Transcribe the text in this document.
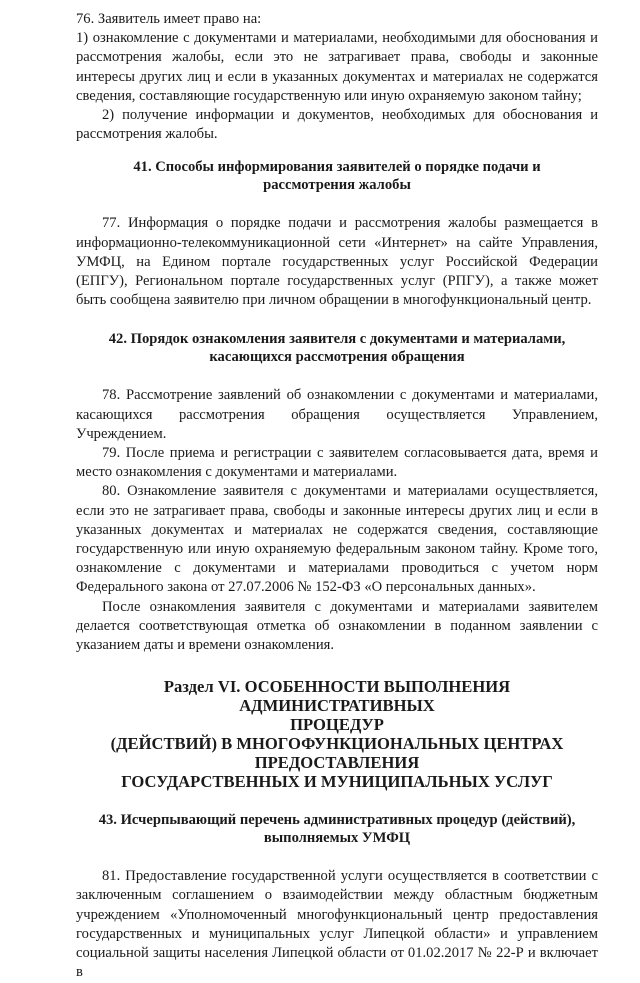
76. Заявитель имеет право на:

1) ознакомление с документами и материалами, необходимыми для обоснования и рассмотрения жалобы, если это не затрагивает права, свободы и законные интересы других лиц и если в указанных документах и материалах не содержатся сведения, составляющие государственную или иную охраняемую законом тайну;

2) получение информации и документов, необходимых для обоснования и рассмотрения жалобы.

41. Способы информирования заявителей о порядке подачи и рассмотрения жалобы

77. Информация о порядке подачи и рассмотрения жалобы размещается в информационно-телекоммуникационной сети «Интернет» на сайте Управления, УМФЦ, на Едином портале государственных услуг Российской Федерации (ЕПГУ), Региональном портале государственных услуг (РПГУ), а также может быть сообщена заявителю при личном обращении в многофункциональный центр.

42. Порядок ознакомления заявителя с документами и материалами, касающихся рассмотрения обращения

78. Рассмотрение заявлений об ознакомлении с документами и материалами, касающихся рассмотрения обращения осуществляется Управлением, Учреждением.

79. После приема и регистрации с заявителем согласовывается дата, время и место ознакомления с документами и материалами.

80. Ознакомление заявителя с документами и материалами осуществляется, если это не затрагивает права, свободы и законные интересы других лиц и если в указанных документах и материалах не содержатся сведения, составляющие государственную или иную охраняемую федеральным законом тайну. Кроме того, ознакомление с документами и материалами проводиться с учетом норм Федерального закона от 27.07.2006 № 152-ФЗ «О персональных данных».

После ознакомления заявителя с документами и материалами заявителем делается соответствующая отметка об ознакомлении в поданном заявлении с указанием даты и времени ознакомления.

Раздел VI. ОСОБЕННОСТИ ВЫПОЛНЕНИЯ АДМИНИСТРАТИВНЫХ

ПРОЦЕДУР

(ДЕЙСТВИЙ) В МНОГОФУНКЦИОНАЛЬНЫХ ЦЕНТРАХ

ПРЕДОСТАВЛЕНИЯ

ГОСУДАРСТВЕННЫХ И МУНИЦИПАЛЬНЫХ УСЛУГ

43. Исчерпывающий перечень административных процедур (действий), выполняемых УМФЦ

81. Предоставление государственной услуги осуществляется в соответствии с заключенным соглашением о взаимодействии между областным бюджетным учреждением «Уполномоченный многофункциональный центр предоставления государственных и муниципальных услуг Липецкой области» и управлением социальной защиты населения Липецкой области от 01.02.2017 № 22-Р и включает в
